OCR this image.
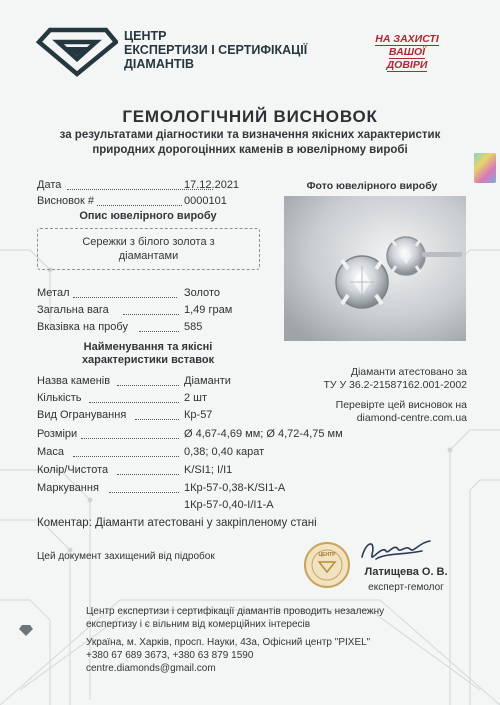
ЦЕНТР
ЕКСПЕРТИЗИ І СЕРТИФІКАЦІЇ
ДІАМАНТІВ
НА ЗАХИСТІ
ВАШОЇ
ДОВІРИ
ГЕМОЛОГІЧНИЙ ВИСНОВОК
за результатами діагностики та визначення якісних характеристик
природних дорогоцінних каменів в ювелірному виробі
Дата	17.12.2021
Висновок #	0000101
Опис ювелірного виробу
Сережки з білого золота з
діамантами
Метал	Золото
Загальна вага	1,49 грам
Вказівка на пробу	585
Найменування та якісні
характеристики вставок
Назва каменів	Діаманти
Кількість	2 шт
Вид Огранування	Кр-57
Розміри	Ø 4,67-4,69 мм; Ø 4,72-4,75 мм
Маса	0,38; 0,40 карат
Колір/Чистота	K/SI1; I/I1
Маркування	1Кр-57-0,38-K/SI1-A
1Кр-57-0,40-I/I1-A
Фото ювелірного виробу
Діаманти атестовано за
ТУ У 36.2-21587162.001-2002
Перевірте цей висновок на
diamond-centre.com.ua
Коментар: Діаманти атестовані у закріпленому стані
Цей документ захищений від підробок	ЦЕНТР
Латищева О. В.
експерт-гемолог
Центр експертизи і сертифікації діамантів проводить незалежну
експертизу і є вільним від комерційних інтересів
Україна, м. Харків, просп. Науки, 43а, Офісний центр "PIXEL"
+380 67 689 3673, +380 63 879 1590
centre.diamonds@gmail.com
